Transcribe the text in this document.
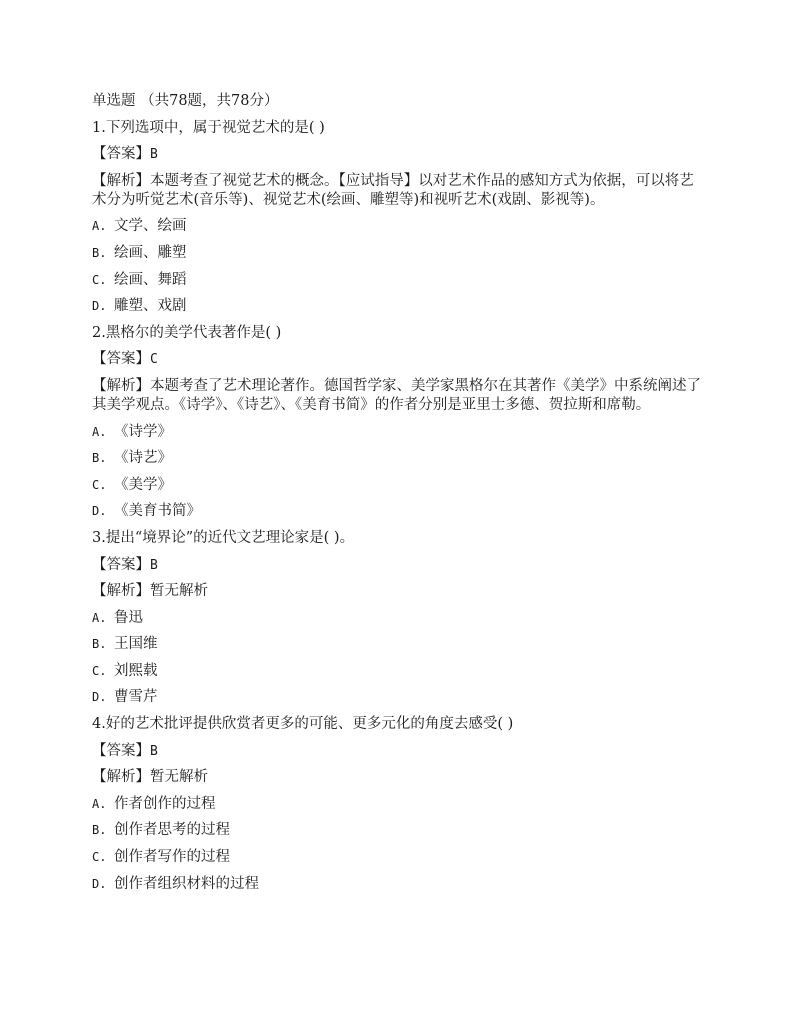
单选题 （共78题，共78分）
1.下列选项中，属于视觉艺术的是( )
【答案】B
【解析】本题考查了视觉艺术的概念。【应试指导】以对艺术作品的感知方式为依据，可以将艺术分为听觉艺术(音乐等)、视觉艺术(绘画、雕塑等)和视听艺术(戏剧、影视等)。
A. 文学、绘画
B. 绘画、雕塑
C. 绘画、舞蹈
D. 雕塑、戏剧
2.黑格尔的美学代表著作是( )
【答案】C
【解析】本题考查了艺术理论著作。德国哲学家、美学家黑格尔在其著作《美学》中系统阐述了其美学观点。《诗学》、《诗艺》、《美育书简》的作者分别是亚里士多德、贺拉斯和席勒。
A. 《诗学》
B. 《诗艺》
C. 《美学》
D. 《美育书简》
3.提出“境界论”的近代文艺理论家是( )。
【答案】B
【解析】暂无解析
A. 鲁迅
B. 王国维
C. 刘熙载
D. 曹雪芹
4.好的艺术批评提供欣赏者更多的可能、更多元化的角度去感受( )
【答案】B
【解析】暂无解析
A. 作者创作的过程
B. 创作者思考的过程
C. 创作者写作的过程
D. 创作者组织材料的过程
